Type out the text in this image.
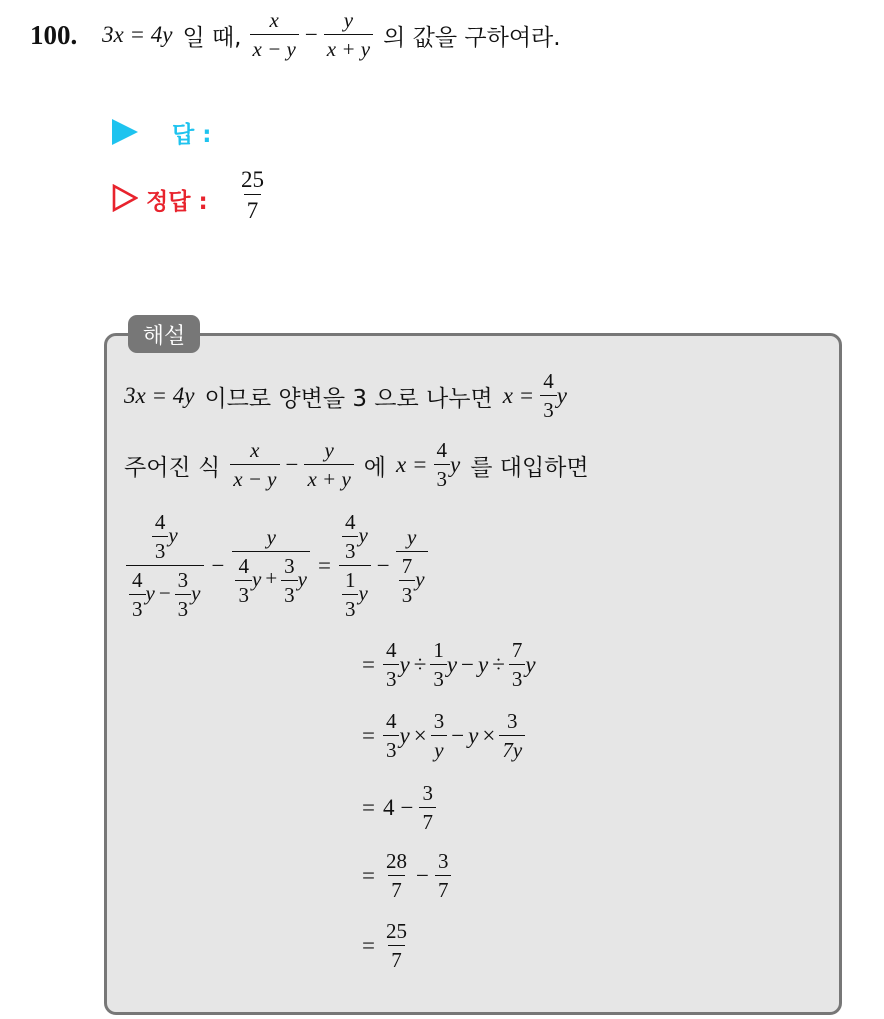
100. 3x = 4y 일 때, $\frac{x}{x - y} - \frac{y}{x + y}$ 의 값을 구하여라.
답 :
정답 : $\frac{25}{7}$
해설
3x = 4y 이므로 양변을 3 으로 나누면 $x = \frac{4}{3}$ y
주어진 식 $\frac{x}{x - y} - \frac{y}{x + y}$ 에 $x = \frac{4}{3}$ y 를 대입하면
$\frac{\frac{4}{3} y}{\frac{4}{3} y - \frac{3}{3} y} - \frac{y}{\frac{4}{3} y + \frac{3}{3} y} = \frac{\frac{4}{3} y}{\frac{1}{3} y} - \frac{y}{\frac{7}{3} y}$
= $\frac{4}{3}$ $y \div \frac{1}{3}$ $y - y \div \frac{7}{3}$ y
= $\frac{4}{3}$ $y \times \frac{3}{y} - y \times \frac{3}{7y}$
= $4 - \frac{3}{7}$
= $\frac{28}{7} - \frac{3}{7}$
= $\frac{25}{7}$
